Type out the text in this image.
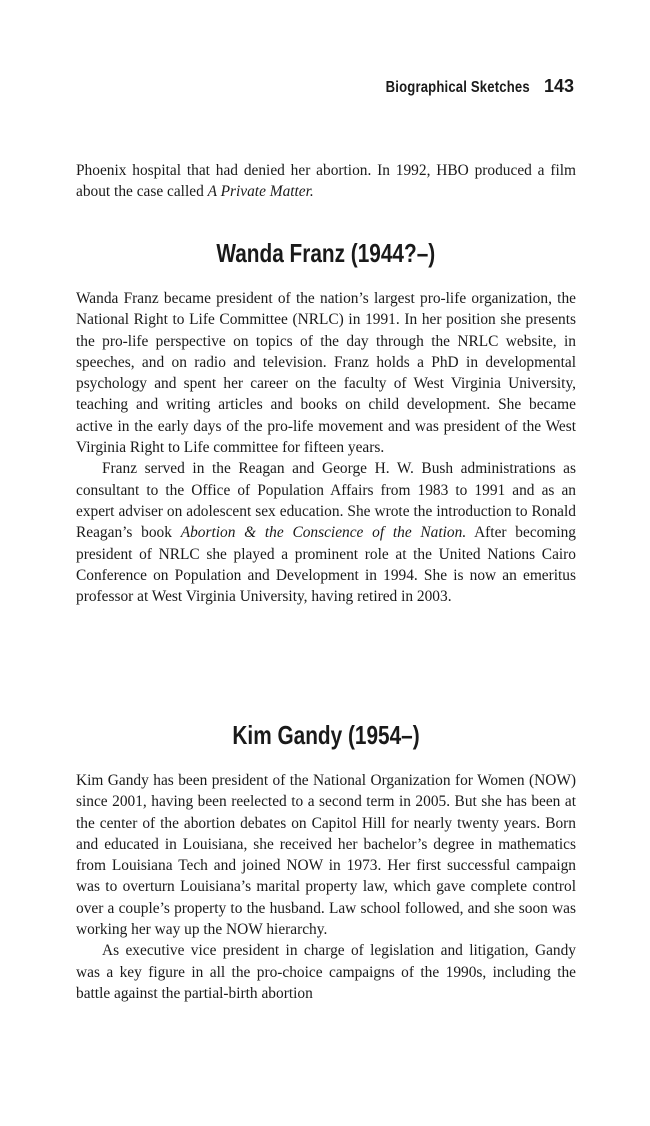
Biographical Sketches 143

Phoenix hospital that had denied her abortion. In 1992, HBO produced a film about the case called A Private Matter.

Wanda Franz (1944?–)

Wanda Franz became president of the nation’s largest pro-life organization, the National Right to Life Committee (NRLC) in 1991. In her position she presents the pro-life perspective on topics of the day through the NRLC website, in speeches, and on radio and television. Franz holds a PhD in developmental psychology and spent her career on the faculty of West Virginia University, teaching and writing articles and books on child development. She became active in the early days of the pro-life movement and was president of the West Virginia Right to Life committee for fifteen years.

Franz served in the Reagan and George H. W. Bush administrations as consultant to the Office of Population Affairs from 1983 to 1991 and as an expert adviser on adolescent sex education. She wrote the introduction to Ronald Reagan’s book Abortion & the Conscience of the Nation. After becoming president of NRLC she played a prominent role at the United Nations Cairo Conference on Population and Development in 1994. She is now an emeritus professor at West Virginia University, having retired in 2003.

Kim Gandy (1954–)

Kim Gandy has been president of the National Organization for Women (NOW) since 2001, having been reelected to a second term in 2005. But she has been at the center of the abortion debates on Capitol Hill for nearly twenty years. Born and educated in Louisiana, she received her bachelor’s degree in mathematics from Louisiana Tech and joined NOW in 1973. Her first successful campaign was to overturn Louisiana’s marital property law, which gave complete control over a couple’s property to the husband. Law school followed, and she soon was working her way up the NOW hierarchy.

As executive vice president in charge of legislation and litigation, Gandy was a key figure in all the pro-choice campaigns of the 1990s, including the battle against the partial-birth abortion
